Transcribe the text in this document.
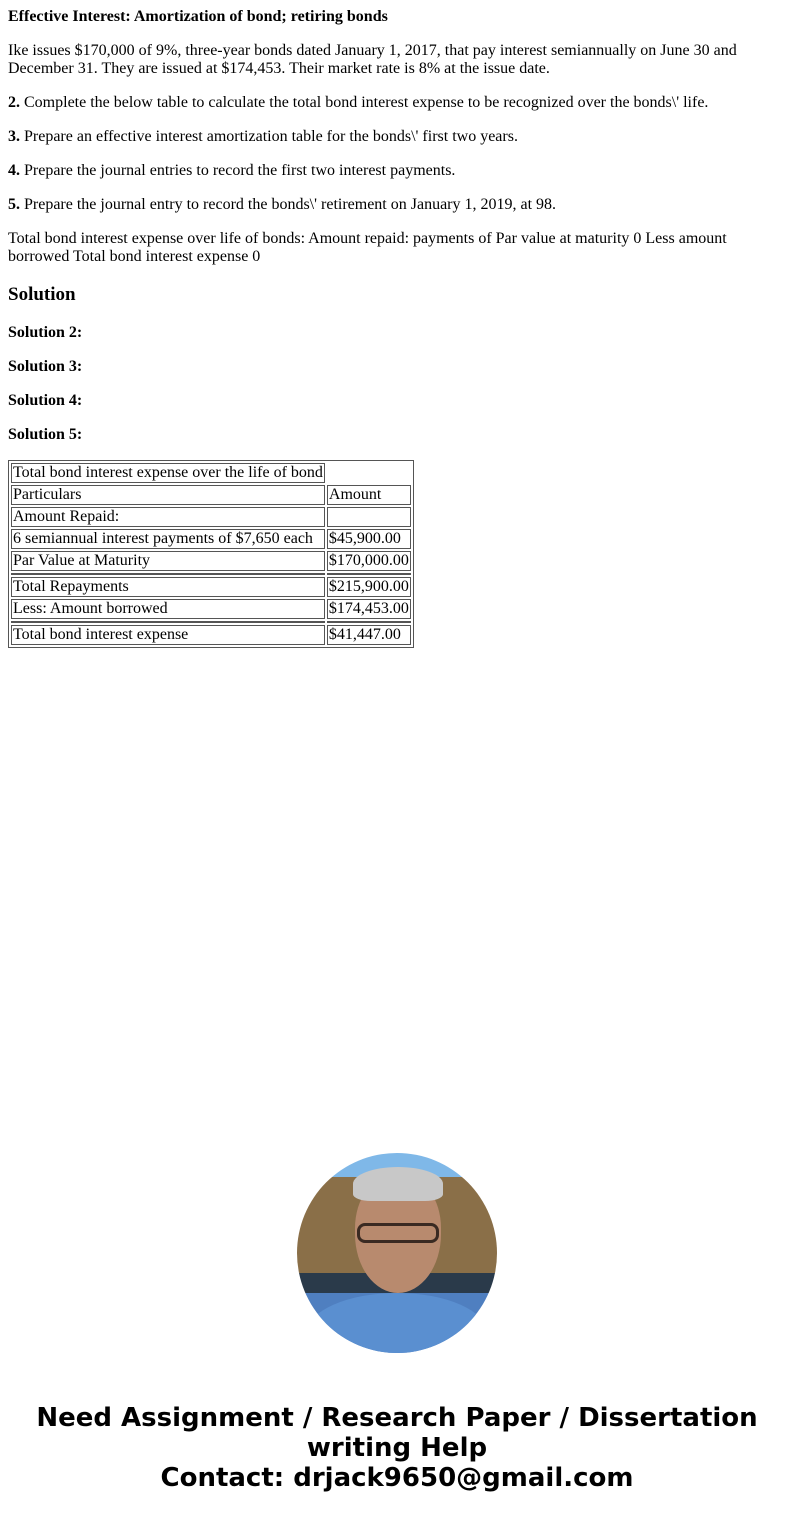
Effective Interest: Amortization of bond; retiring bonds

Ike issues $170,000 of 9%, three-year bonds dated January 1, 2017, that pay interest semiannually on June 30 and December 31. They are issued at $174,453. Their market rate is 8% at the issue date.

2. Complete the below table to calculate the total bond interest expense to be recognized over the bonds\' life.

3. Prepare an effective interest amortization table for the bonds\' first two years.

4. Prepare the journal entries to record the first two interest payments.

5. Prepare the journal entry to record the bonds\' retirement on January 1, 2019, at 98.

Total bond interest expense over life of bonds: Amount repaid: payments of Par value at maturity 0 Less amount borrowed Total bond interest expense 0

Solution

Solution 2:

Solution 3:

Solution 4:

Solution 5:

Total bond interest expense over the life of bond	
Particulars	Amount
Amount Repaid:	
6 semiannual interest payments of $7,650 each	$45,900.00
Par Value at Maturity	$170,000.00

Total Repayments	$215,900.00
Less: Amount borrowed	$174,453.00

Total bond interest expense	$41,447.00
Need Assignment / Research Paper / Dissertation writing Help
Contact: drjack9650@gmail.com
